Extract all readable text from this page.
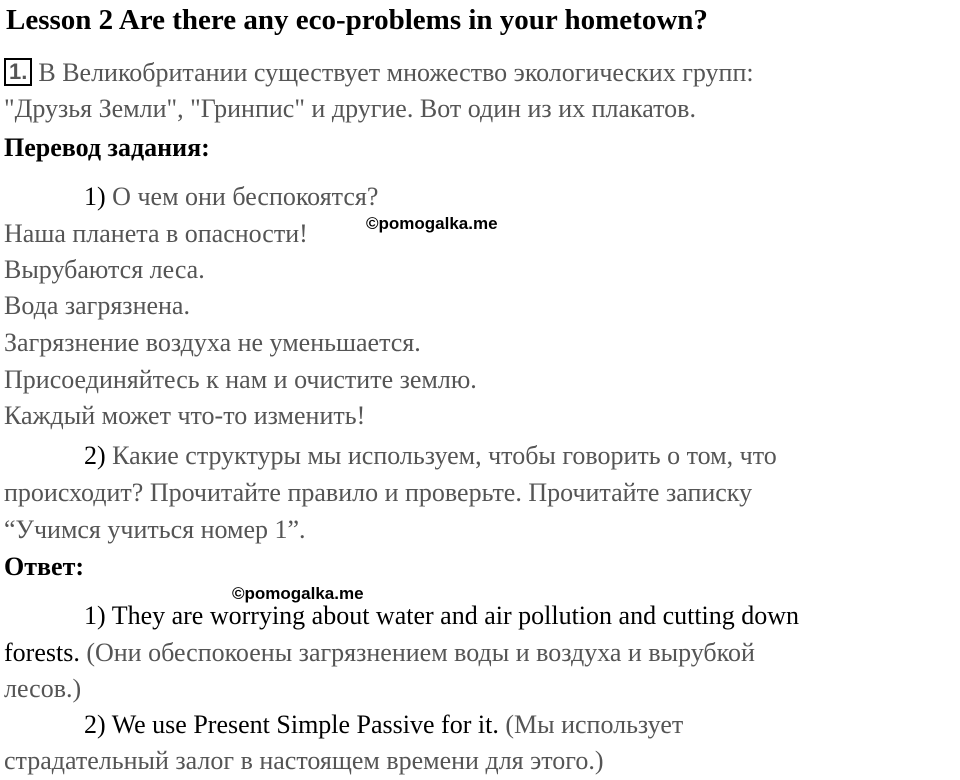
Lesson 2 Are there any eco-problems in your hometown?
1. В Великобритании существует множество экологических групп:
"Друзья Земли", "Гринпис" и другие. Вот один из их плакатов.
Перевод задания:
1) О чем они беспокоятся?
Наша планета в опасности!
Вырубаются леса.
Вода загрязнена.
Загрязнение воздуха не уменьшается.
Присоединяйтесь к нам и очистите землю.
Каждый может что-то изменить!
2) Какие структуры мы используем, чтобы говорить о том, что
происходит? Прочитайте правило и проверьте. Прочитайте записку
“Учимся учиться номер 1”.
Ответ:
1) They are worrying about water and air pollution and cutting down
forests. (Они обеспокоены загрязнением воды и воздуха и вырубкой
лесов.)
2) We use Present Simple Passive for it. (Мы использует
страдательный залог в настоящем времени для этого.)
©pomogalka.me
©pomogalka.me
